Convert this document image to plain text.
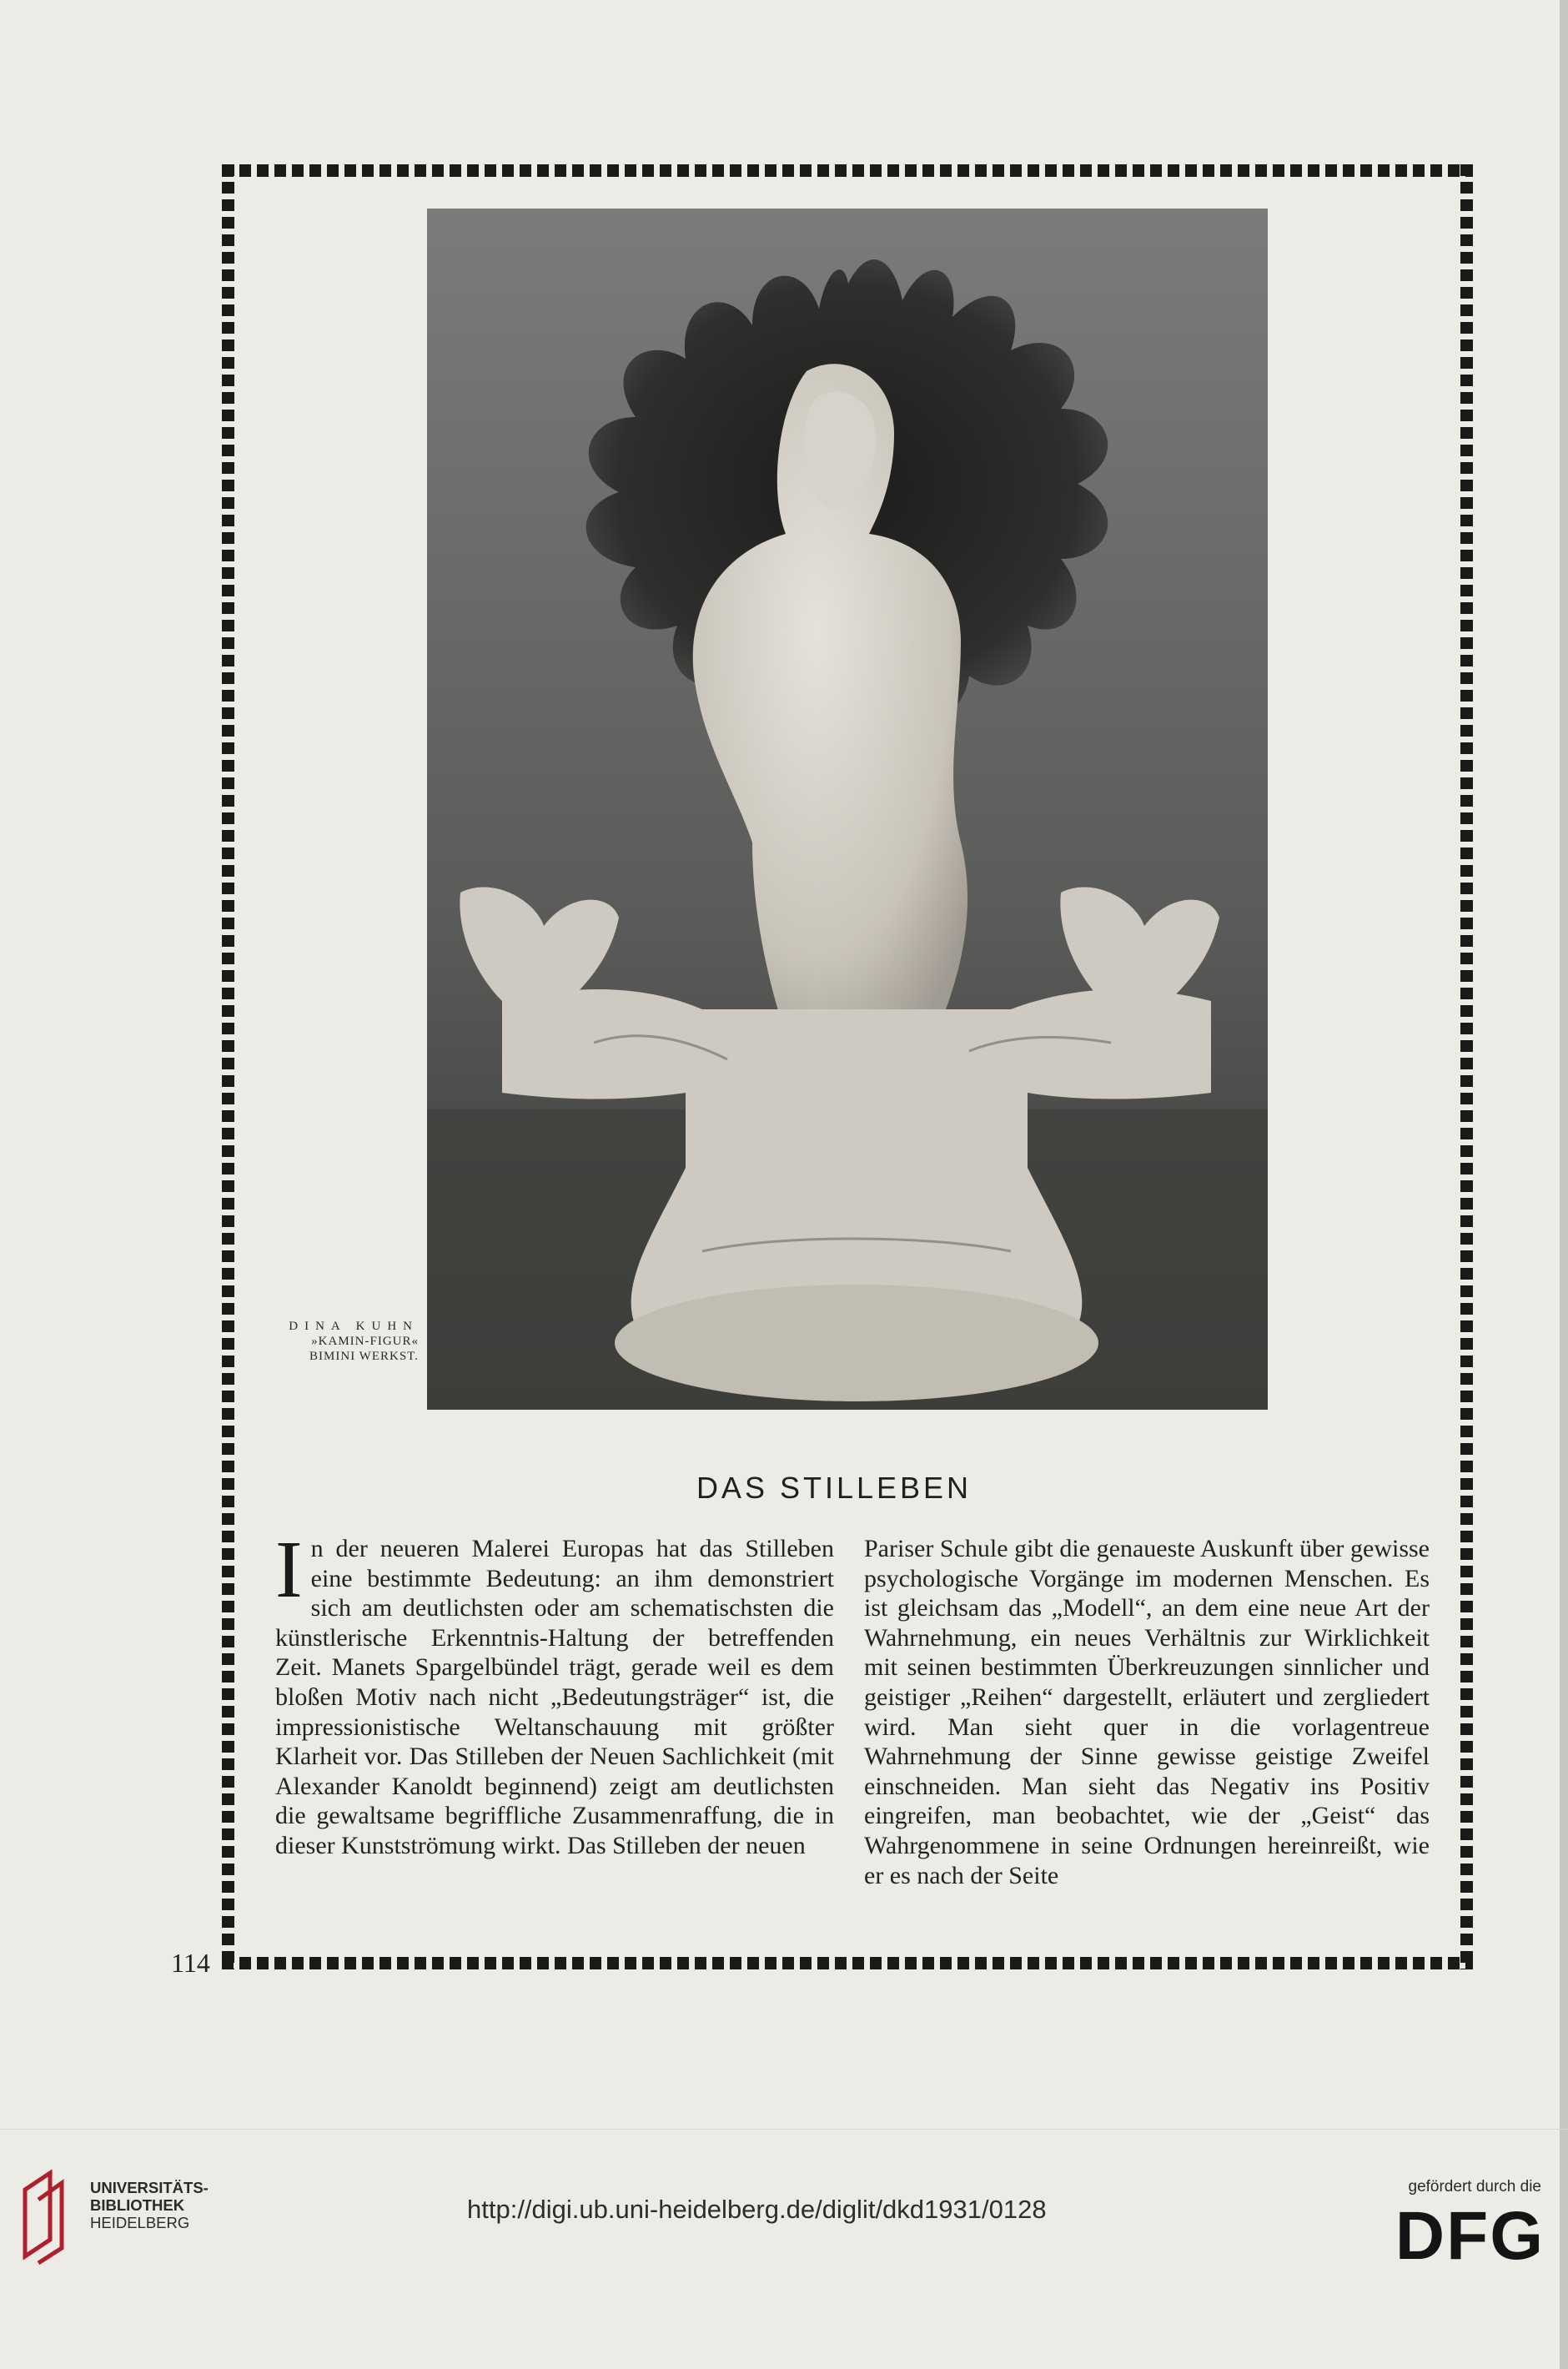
DINA KUHN
»KAMIN-FIGUR«
BIMINI WERKST.
DAS STILLEBEN

In der neueren Malerei Europas hat das Stilleben eine bestimmte Bedeutung: an ihm demonstriert sich am deutlichsten oder am schematischsten die künstlerische Erkenntnis-Haltung der betreffenden Zeit. Manets Spargelbündel trägt, gerade weil es dem bloßen Motiv nach nicht „Bedeutungsträger“ ist, die impressionistische Weltanschauung mit größter Klarheit vor. Das Stilleben der Neuen Sachlichkeit (mit Alexander Kanoldt beginnend) zeigt am deutlichsten die gewaltsame begriffliche Zusammenraffung, die in dieser Kunstströmung wirkt. Das Stilleben der neuen

Pariser Schule gibt die genaueste Auskunft über gewisse psychologische Vorgänge im modernen Menschen. Es ist gleichsam das „Modell“, an dem eine neue Art der Wahrnehmung, ein neues Verhältnis zur Wirklichkeit mit seinen bestimmten Überkreuzungen sinnlicher und geistiger „Reihen“ dargestellt, erläutert und zergliedert wird. Man sieht quer in die vorlagentreue Wahrnehmung der Sinne gewisse geistige Zweifel einschneiden. Man sieht das Negativ ins Positiv eingreifen, man beobachtet, wie der „Geist“ das Wahrgenommene in seine Ordnungen hereinreißt, wie er es nach der Seite

114
UNIVERSITÄTS-
BIBLIOTHEK
HEIDELBERG	http://digi.ub.uni-heidelberg.de/diglit/dkd1931/0128
gefördert durch die
DFG
